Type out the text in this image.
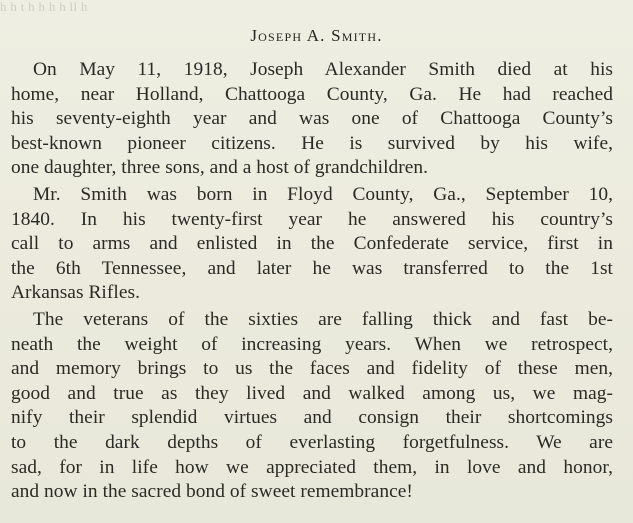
h h t h h h h ll h
Joseph A. Smith.
On May 11, 1918, Joseph Alexander Smith died at his
home, near Holland, Chattooga County, Ga. He had reached
his seventy-eighth year and was one of Chattooga County’s
best-known pioneer citizens. He is survived by his wife,
one daughter, three sons, and a host of grandchildren.
Mr. Smith was born in Floyd County, Ga., September 10,
1840. In his twenty-first year he answered his country’s
call to arms and enlisted in the Confederate service, first in
the 6th Tennessee, and later he was transferred to the 1st
Arkansas Rifles.
The veterans of the sixties are falling thick and fast be-
neath the weight of increasing years. When we retrospect,
and memory brings to us the faces and fidelity of these men,
good and true as they lived and walked among us, we mag-
nify their splendid virtues and consign their shortcomings
to the dark depths of everlasting forgetfulness. We are
sad, for in life how we appreciated them, in love and honor,
and now in the sacred bond of sweet remembrance!
